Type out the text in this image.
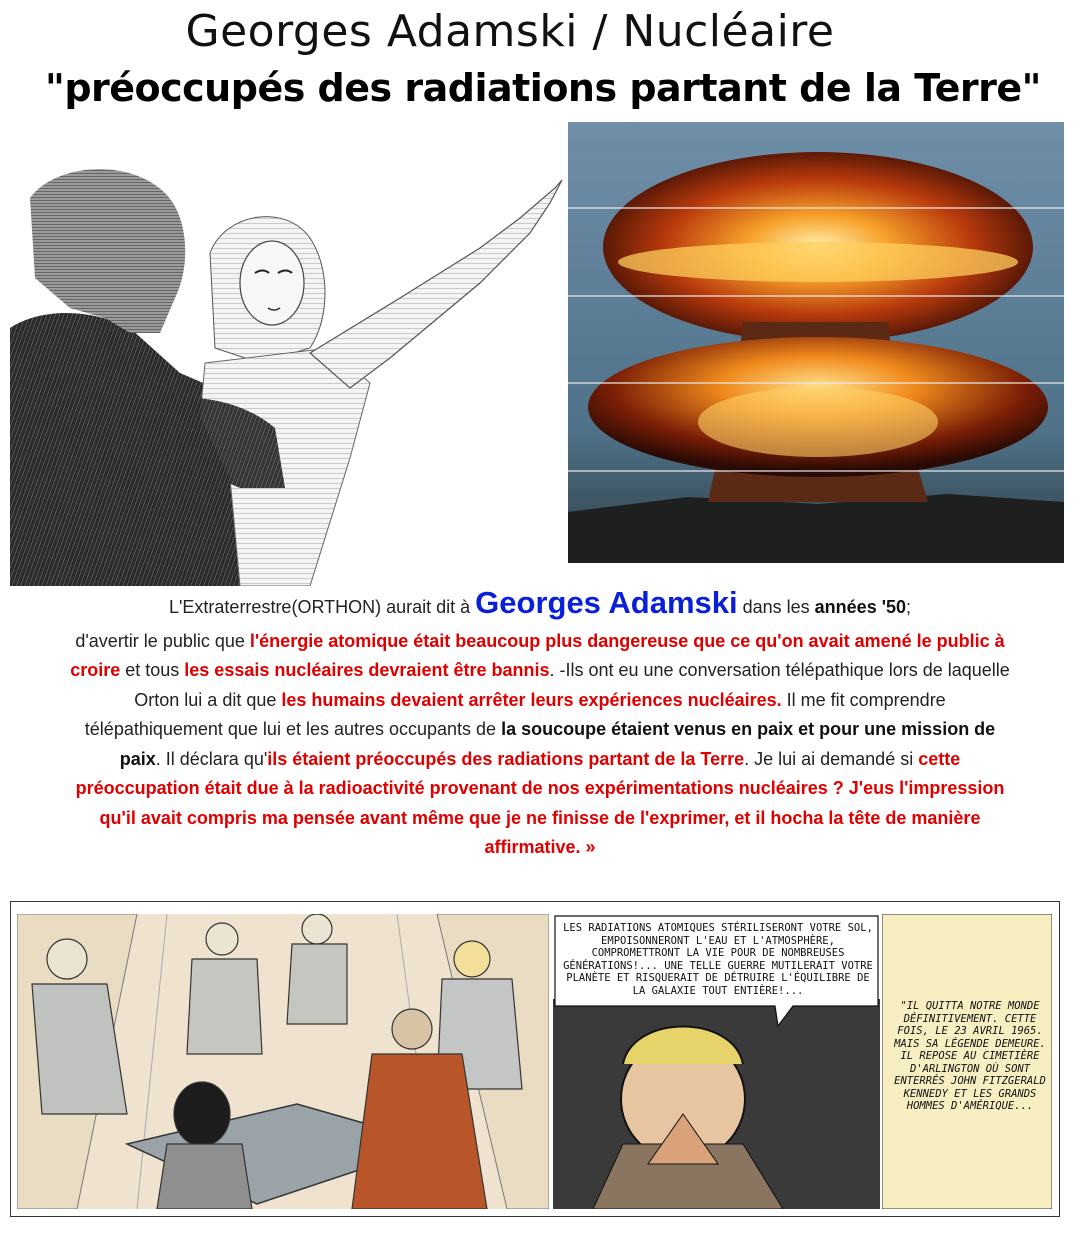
Georges Adamski / Nucléaire
"préoccupés des radiations partant de la Terre"
L'Extraterrestre(ORTHON) aurait dit à Georges Adamski dans les années '50;
d'avertir le public que l'énergie atomique était beaucoup plus dangereuse que ce qu'on avait amené le public à croire et tous les essais nucléaires devraient être bannis. -Ils ont eu une conversation télépathique lors de laquelle Orton lui a dit que les humains devaient arrêter leurs expériences nucléaires. Il me fit comprendre télépathiquement que lui et les autres occupants de la soucoupe étaient venus en paix et pour une mission de paix. Il déclara qu'ils étaient préoccupés des radiations partant de la Terre. Je lui ai demandé si cette préoccupation était due à la radioactivité provenant de nos expérimentations nucléaires ? J'eus l'impression qu'il avait compris ma pensée avant même que je ne finisse de l'exprimer, et il hocha la tête de manière affirmative. »
LES RADIATIONS ATOMIQUES STÉRILISERONT VOTRE SOL, EMPOISONNERONT L'EAU ET L'ATMOSPHÈRE, COMPROMETTRONT LA VIE POUR DE NOMBREUSES GÉNÉRATIONS!... UNE TELLE GUERRE MUTILERAIT VOTRE PLANÈTE ET RISQUERAIT DE DÉTRUIRE L'ÉQUILIBRE DE LA GALAXIE TOUT ENTIÈRE!...
"IL QUITTA NOTRE MONDE DÉFINITIVEMENT. CETTE FOIS, LE 23 AVRIL 1965. MAIS SA LÉGENDE DEMEURE. IL REPOSE AU CIMETIÈRE D'ARLINGTON OÙ SONT ENTERRÉS JOHN FITZGERALD KENNEDY ET LES GRANDS HOMMES D'AMÉRIQUE...
